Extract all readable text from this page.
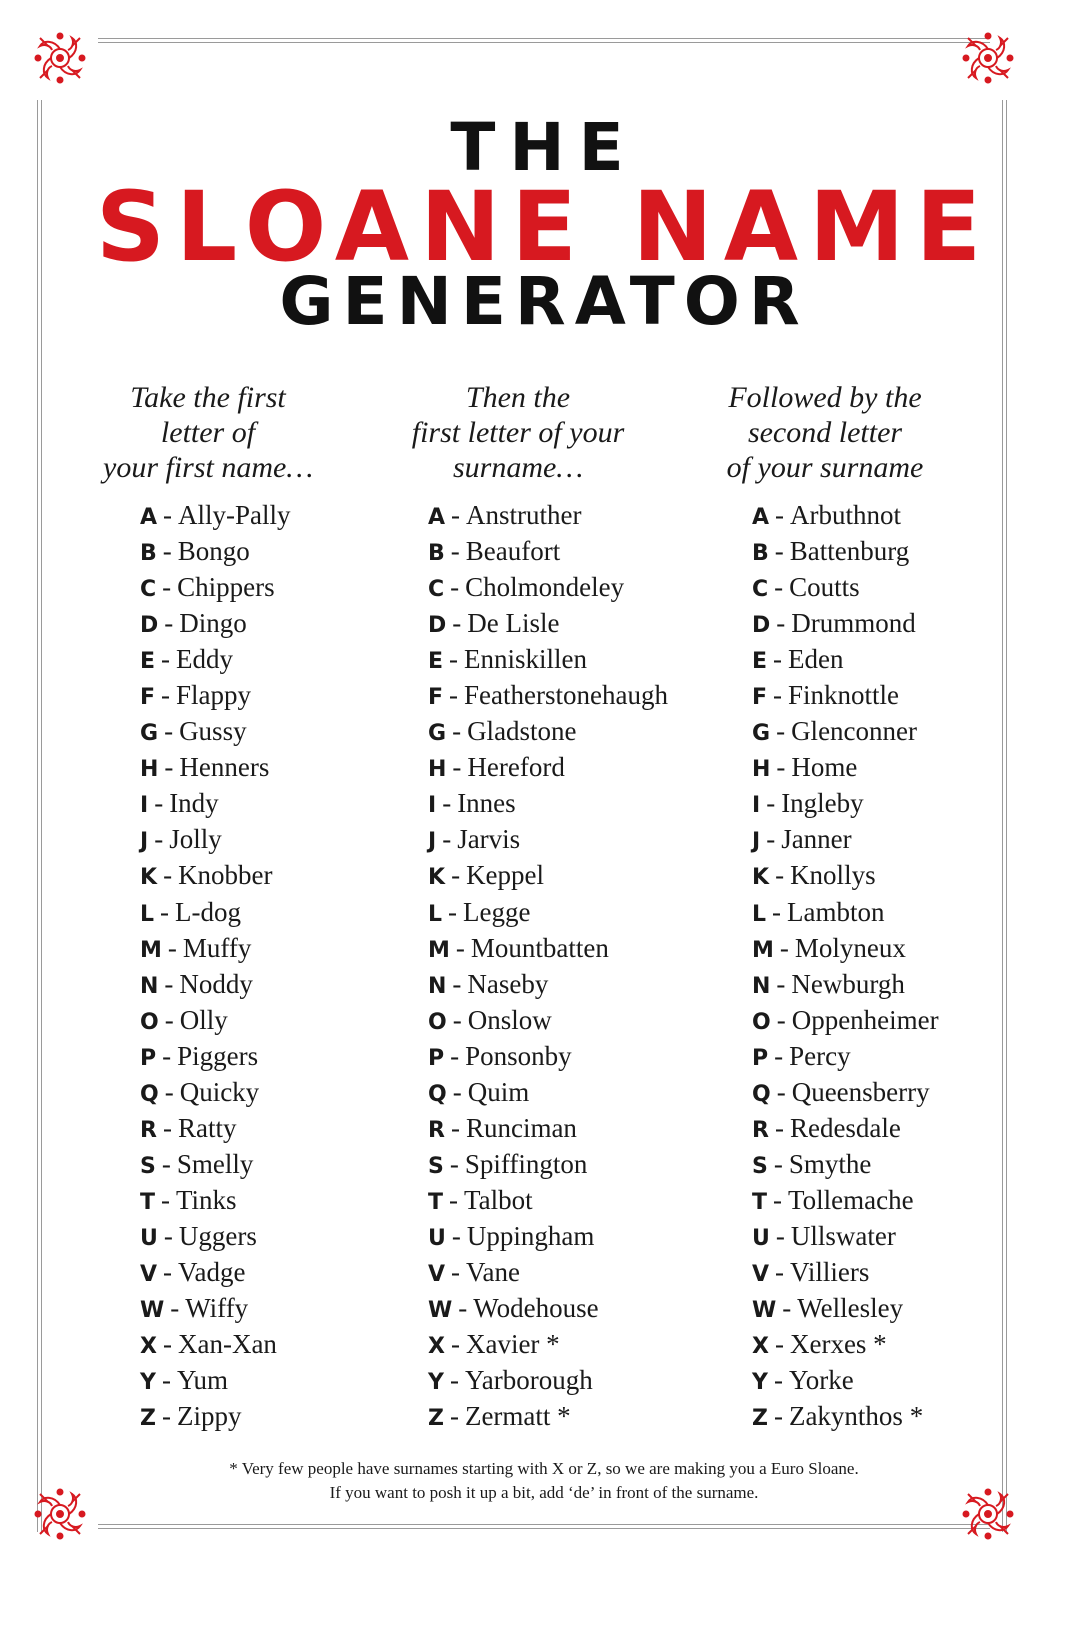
THE
SLOANE NAME
GENERATOR
Take the first
letter of
your first name…
Then the
first letter of your
surname…
Followed by the
second letter
of your surname
A - Ally-Pally
B - Bongo
C - Chippers
D - Dingo
E - Eddy
F - Flappy
G - Gussy
H - Henners
I - Indy
J - Jolly
K - Knobber
L - L-dog
M - Muffy
N - Noddy
O - Olly
P - Piggers
Q - Quicky
R - Ratty
S - Smelly
T - Tinks
U - Uggers
V - Vadge
W - Wiffy
X - Xan-Xan
Y - Yum
Z - Zippy
A - Anstruther
B - Beaufort
C - Cholmondeley
D - De Lisle
E - Enniskillen
F - Featherstonehaugh
G - Gladstone
H - Hereford
I - Innes
J - Jarvis
K - Keppel
L - Legge
M - Mountbatten
N - Naseby
O - Onslow
P - Ponsonby
Q - Quim
R - Runciman
S - Spiffington
T - Talbot
U - Uppingham
V - Vane
W - Wodehouse
X - Xavier *
Y - Yarborough
Z - Zermatt *
A - Arbuthnot
B - Battenburg
C - Coutts
D - Drummond
E - Eden
F - Finknottle
G - Glenconner
H - Home
I - Ingleby
J - Janner
K - Knollys
L - Lambton
M - Molyneux
N - Newburgh
O - Oppenheimer
P - Percy
Q - Queensberry
R - Redesdale
S - Smythe
T - Tollemache
U - Ullswater
V - Villiers
W - Wellesley
X - Xerxes *
Y - Yorke
Z - Zakynthos *
* Very few people have surnames starting with X or Z, so we are making you a Euro Sloane.
If you want to posh it up a bit, add ‘de’ in front of the surname.
